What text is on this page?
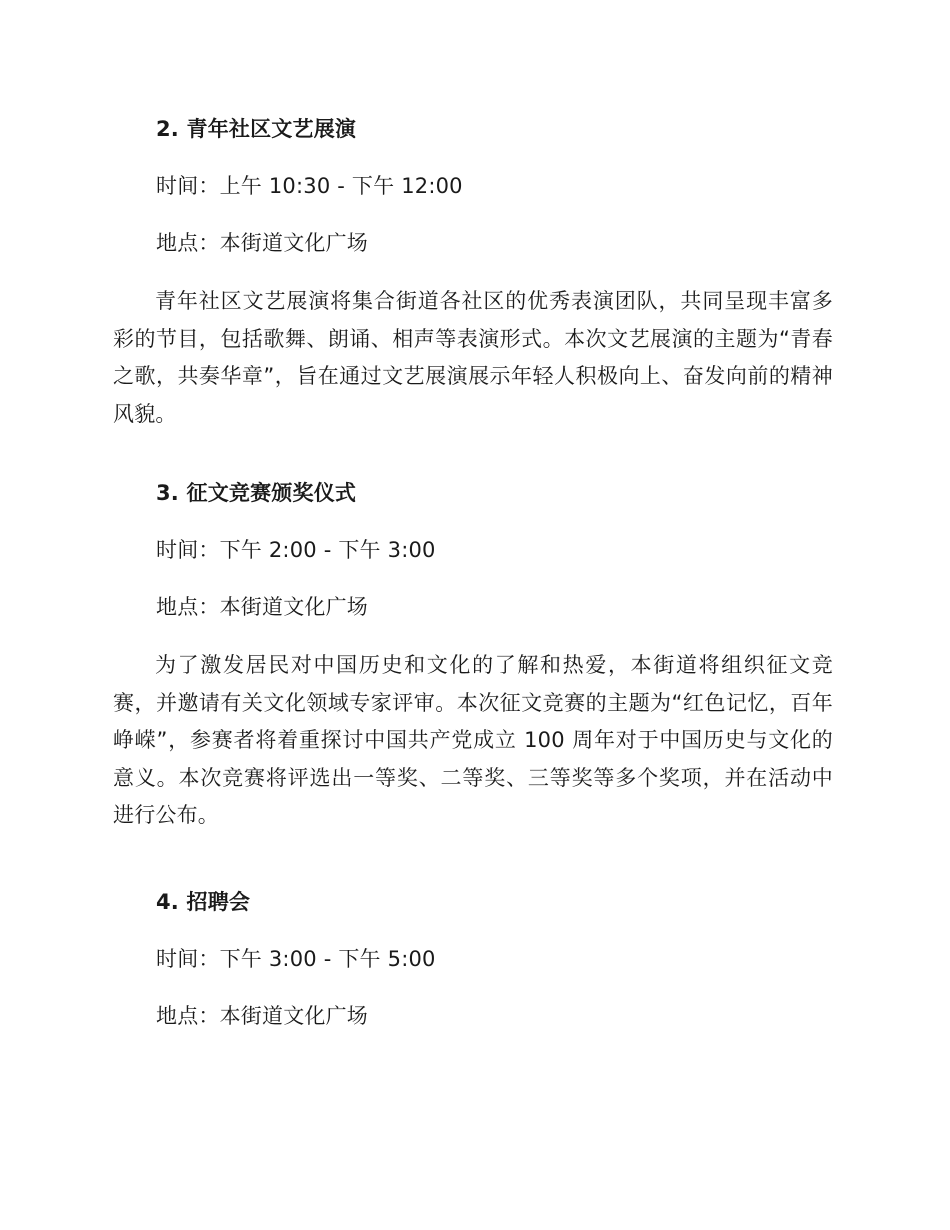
2. 青年社区文艺展演

时间：上午 10:30 - 下午 12:00

地点：本街道文化广场

青年社区文艺展演将集合街道各社区的优秀表演团队，共同呈现丰富多彩的节目，包括歌舞、朗诵、相声等表演形式。本次文艺展演的主题为“青春之歌，共奏华章”，旨在通过文艺展演展示年轻人积极向上、奋发向前的精神风貌。

3. 征文竞赛颁奖仪式

时间：下午 2:00 - 下午 3:00

地点：本街道文化广场

为了激发居民对中国历史和文化的了解和热爱，本街道将组织征文竞赛，并邀请有关文化领域专家评审。本次征文竞赛的主题为“红色记忆，百年峥嵘”，参赛者将着重探讨中国共产党成立 100 周年对于中国历史与文化的意义。本次竞赛将评选出一等奖、二等奖、三等奖等多个奖项，并在活动中进行公布。

4. 招聘会

时间：下午 3:00 - 下午 5:00

地点：本街道文化广场
